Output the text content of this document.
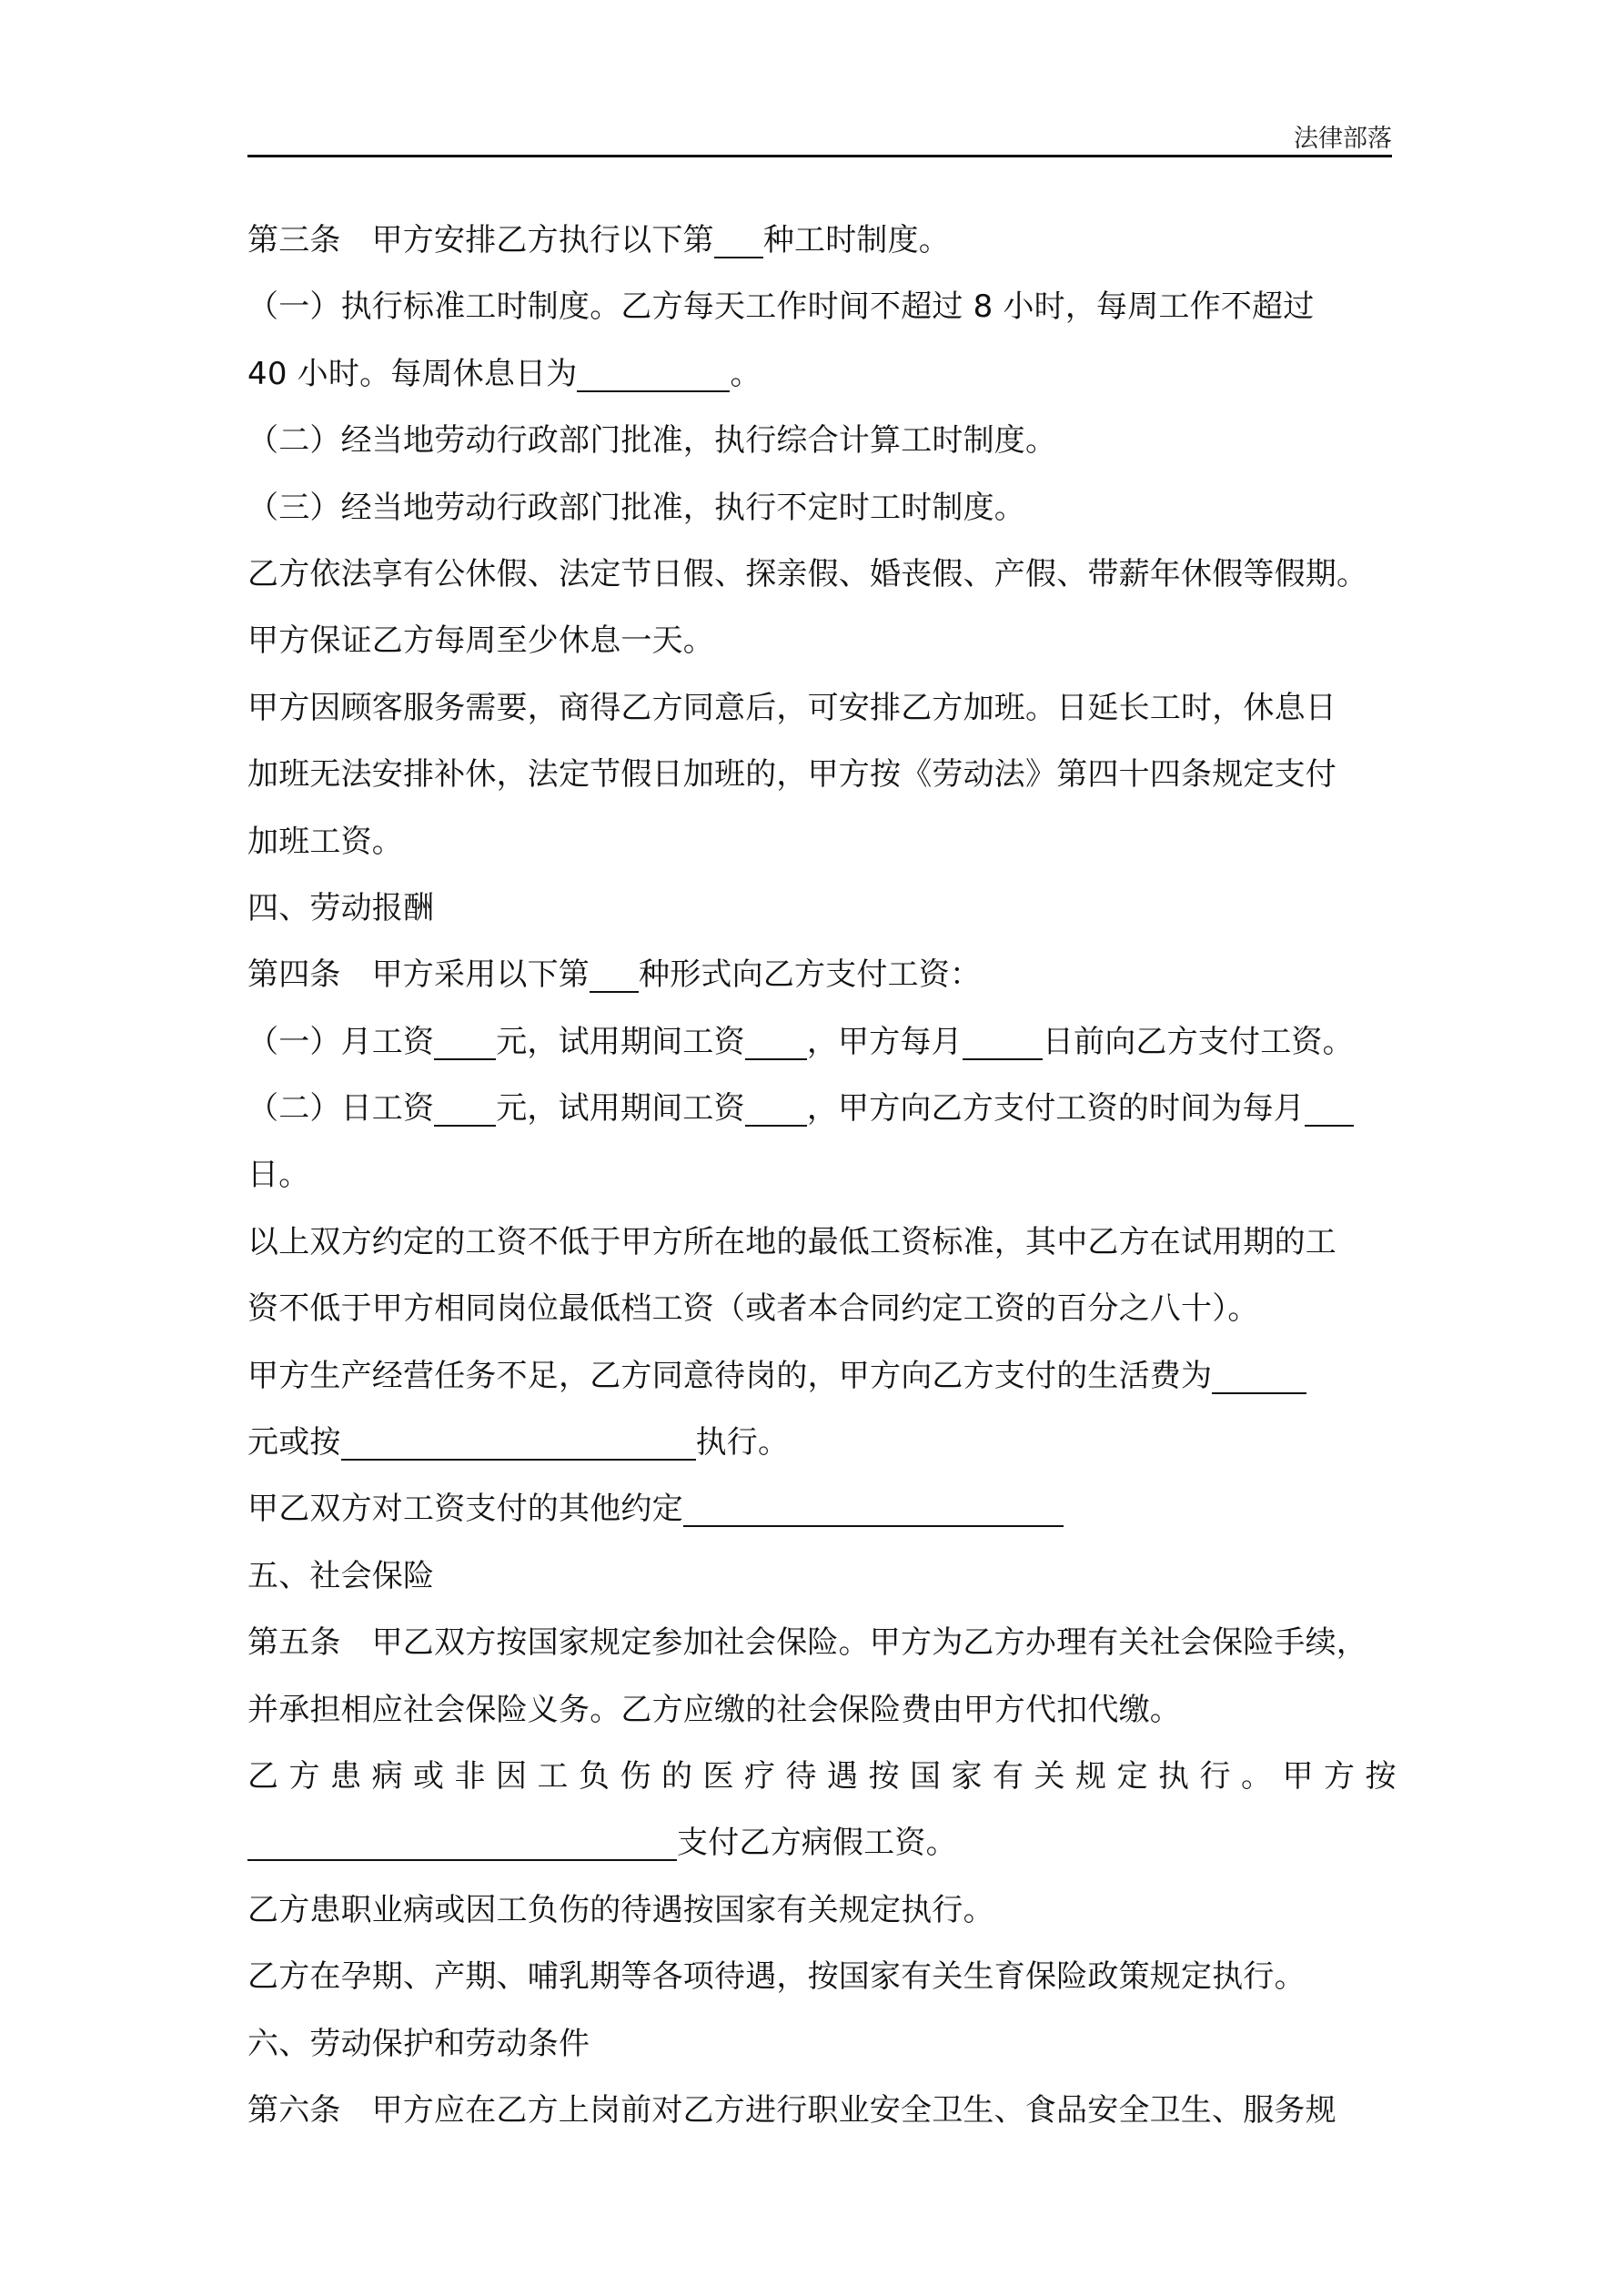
法律部落
第三条 甲方安排乙方执行以下第 种工时制度。
（一）执行标准工时制度。乙方每天工作时间不超过 8 小时，每周工作不超过
40 小时。每周休息日为	。
（二）经当地劳动行政部门批准，执行综合计算工时制度。
（三）经当地劳动行政部门批准，执行不定时工时制度。
乙方依法享有公休假、法定节日假、探亲假、婚丧假、产假、带薪年休假等假期。
甲方保证乙方每周至少休息一天。
甲方因顾客服务需要，商得乙方同意后，可安排乙方加班。日延长工时，休息日
加班无法安排补休，法定节假日加班的，甲方按《劳动法》第四十四条规定支付
加班工资。
四、劳动报酬
第四条 甲方采用以下第 种形式向乙方支付工资：
（一）月工资 元，试用期间工资 ，甲方每月	日前向乙方支付工资。
（二）日工资 元，试用期间工资 ，甲方向乙方支付工资的时间为每月
日。
以上双方约定的工资不低于甲方所在地的最低工资标准，其中乙方在试用期的工
资不低于甲方相同岗位最低档工资（或者本合同约定工资的百分之八十）。
甲方生产经营任务不足，乙方同意待岗的，甲方向乙方支付的生活费为
元或按	执行。
甲乙双方对工资支付的其他约定
五、社会保险
第五条 甲乙双方按国家规定参加社会保险。甲方为乙方办理有关社会保险手续，
并承担相应社会保险义务。乙方应缴的社会保险费由甲方代扣代缴。
乙方患病或非因工负伤的医疗待遇按国家有关规定执行。甲方按
支付乙方病假工资。
乙方患职业病或因工负伤的待遇按国家有关规定执行。
乙方在孕期、产期、哺乳期等各项待遇，按国家有关生育保险政策规定执行。
六、劳动保护和劳动条件
第六条 甲方应在乙方上岗前对乙方进行职业安全卫生、食品安全卫生、服务规
